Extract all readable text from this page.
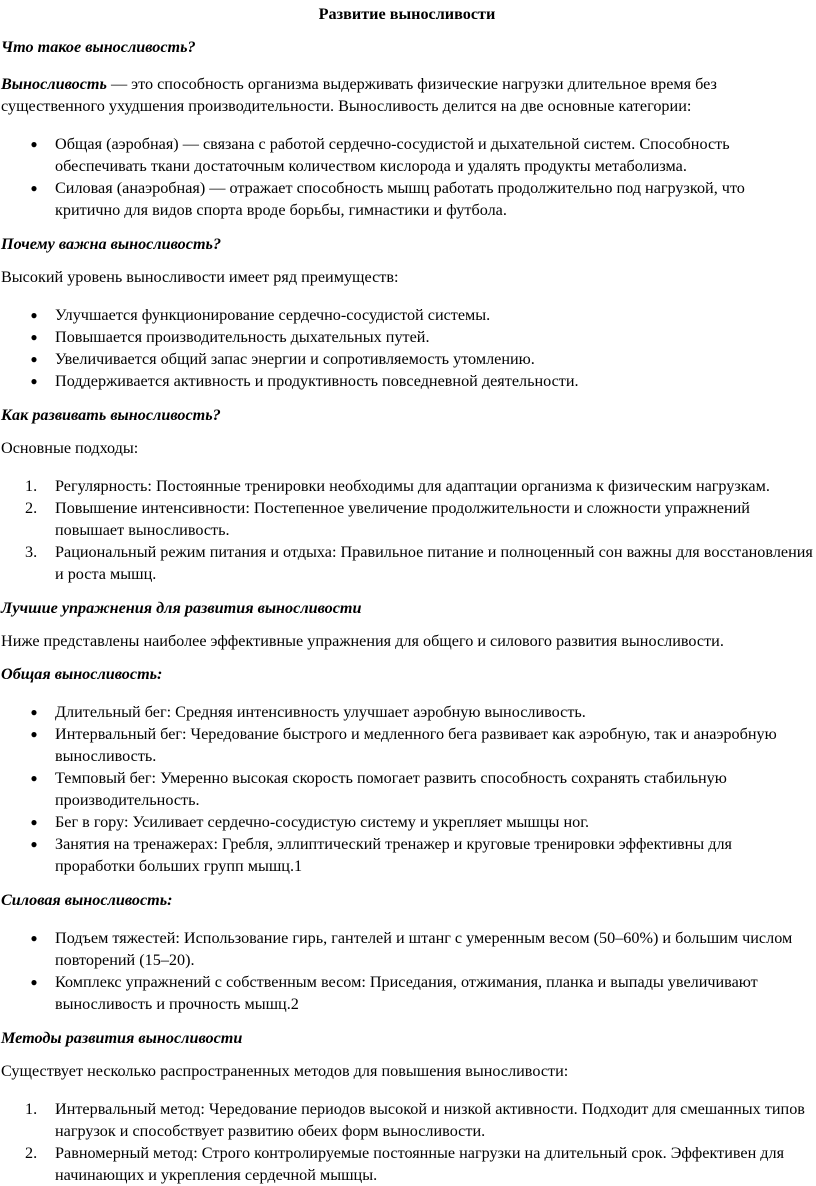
Развитие выносливости
Что такое выносливость?
Выносливость — это способность организма выдерживать физические нагрузки длительное время без существенного ухудшения производительности. Выносливость делится на две основные категории:
● Общая (аэробная) — связана с работой сердечно-сосудистой и дыхательной систем. Способность обеспечивать ткани достаточным количеством кислорода и удалять продукты метаболизма.
● Силовая (анаэробная) — отражает способность мышц работать продолжительно под нагрузкой, что критично для видов спорта вроде борьбы, гимнастики и футбола.
Почему важна выносливость?
Высокий уровень выносливости имеет ряд преимуществ:
● Улучшается функционирование сердечно-сосудистой системы.
● Повышается производительность дыхательных путей.
● Увеличивается общий запас энергии и сопротивляемость утомлению.
● Поддерживается активность и продуктивность повседневной деятельности.
Как развивать выносливость?
Основные подходы:
1.	Регулярность: Постоянные тренировки необходимы для адаптации организма к физическим нагрузкам.
2.	Повышение интенсивности: Постепенное увеличение продолжительности и сложности упражнений повышает выносливость.
3.	Рациональный режим питания и отдыха: Правильное питание и полноценный сон важны для восстановления и роста мышц.
Лучшие упражнения для развития выносливости
Ниже представлены наиболее эффективные упражнения для общего и силового развития выносливости.
Общая выносливость:
● Длительный бег: Средняя интенсивность улучшает аэробную выносливость.
● Интервальный бег: Чередование быстрого и медленного бега развивает как аэробную, так и анаэробную выносливость.
● Темповый бег: Умеренно высокая скорость помогает развить способность сохранять стабильную производительность.
● Бег в гору: Усиливает сердечно-сосудистую систему и укрепляет мышцы ног.
● Занятия на тренажерах: Гребля, эллиптический тренажер и круговые тренировки эффективны для проработки больших групп мышц.1
Силовая выносливость:
● Подъем тяжестей: Использование гирь, гантелей и штанг с умеренным весом (50–60%) и большим числом повторений (15–20).
● Комплекс упражнений с собственным весом: Приседания, отжимания, планка и выпады увеличивают выносливость и прочность мышц.2
Методы развития выносливости
Существует несколько распространенных методов для повышения выносливости:
1.	Интервальный метод: Чередование периодов высокой и низкой активности. Подходит для смешанных типов нагрузок и способствует развитию обеих форм выносливости.
2.	Равномерный метод: Строго контролируемые постоянные нагрузки на длительный срок. Эффективен для начинающих и укрепления сердечной мышцы.
